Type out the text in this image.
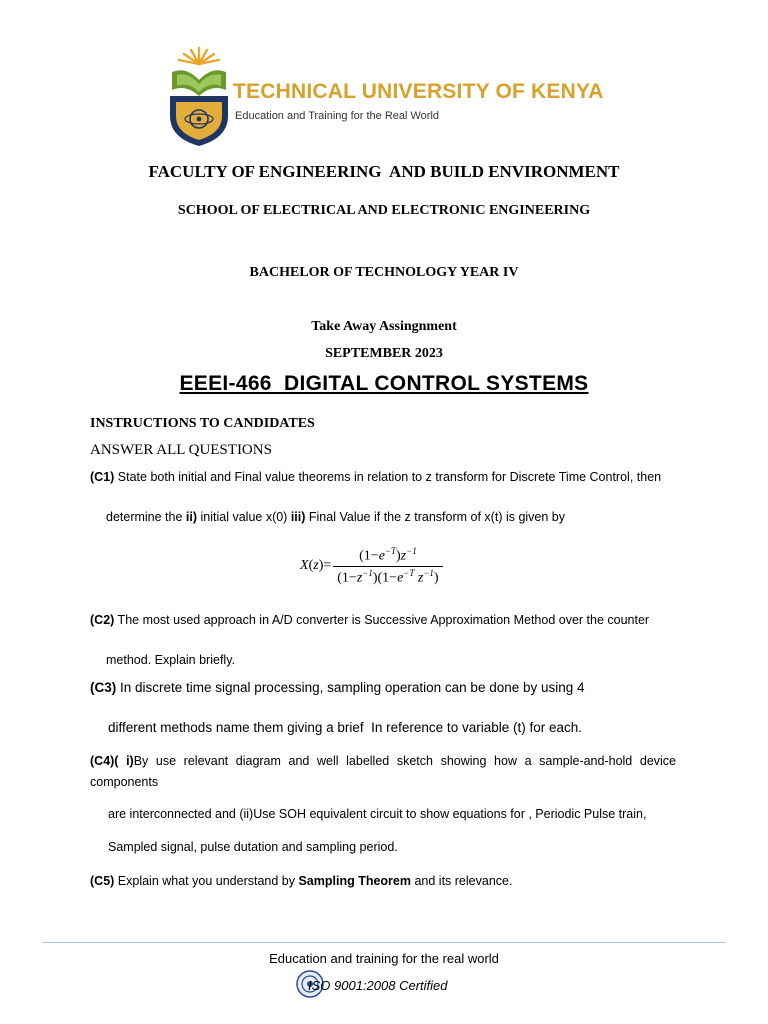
TECHNICAL UNIVERSITY OF KENYA
Education and Training for the Real World
FACULTY OF ENGINEERING  AND BUILD ENVIRONMENT
SCHOOL OF ELECTRICAL AND ELECTRONIC ENGINEERING
BACHELOR OF TECHNOLOGY YEAR IV
Take Away Assingnment
SEPTEMBER 2023
EEEI-466  DIGITAL CONTROL SYSTEMS
INSTRUCTIONS TO CANDIDATES
ANSWER ALL QUESTIONS
(C1) State both initial and Final value theorems in relation to z transform for Discrete Time Control, then
determine the ii) initial value x(0) iii) Final Value if the z transform of x(t) is given by
$X(z)= \frac{(1-e^{-T})z^{-1}}{(1-z^{-1})(1-e^{-T} z^{-1})}$
(C2) The most used approach in A/D converter is Successive Approximation Method over the counter
method. Explain briefly.
(C3) In discrete time signal processing, sampling operation can be done by using 4
different methods name them giving a brief  In reference to variable (t) for each.
(C4)( i)By use relevant diagram and well labelled sketch showing how a sample-and-hold device
components
are interconnected and (ii)Use SOH equivalent circuit to show equations for , Periodic Pulse train,
Sampled signal, pulse dutation and sampling period.
(C5) Explain what you understand by Sampling Theorem and its relevance.
Education and training for the real world
ISO 9001:2008 Certified
